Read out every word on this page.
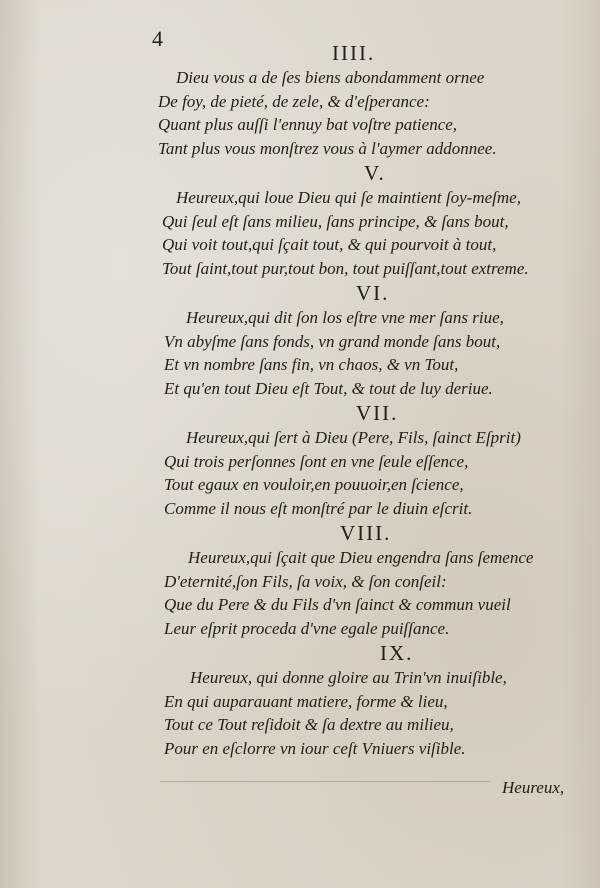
4
IIII.
Dieu vous a de ſes biens abondamment ornee
De foy, de pieté, de zele, & d'eſperance:
Quant plus auſſi l'ennuy bat voſtre patience,
Tant plus vous monſtrez vous à l'aymer addonnee.
V.
Heureux,qui loue Dieu qui ſe maintient ſoy-meſme,
Qui ſeul eſt ſans milieu, ſans principe, & ſans bout,
Qui voit tout,qui ſçait tout, & qui pourvoit à tout,
Tout ſaint,tout pur,tout bon, tout puiſſant,tout extreme.
VI.
Heureux,qui dit ſon los eſtre vne mer ſans riue,
Vn abyſme ſans fonds, vn grand monde ſans bout,
Et vn nombre ſans fin, vn chaos, & vn Tout,
Et qu'en tout Dieu eſt Tout, & tout de luy deriue.
VII.
Heureux,qui ſert à Dieu (Pere, Fils, ſainct Eſprit)
Qui trois perſonnes ſont en vne ſeule eſſence,
Tout egaux en vouloir,en pouuoir,en ſcience,
Comme il nous eſt monſtré par le diuin eſcrit.
VIII.
Heureux,qui ſçait que Dieu engendra ſans ſemence
D'eternité,ſon Fils, ſa voix, & ſon conſeil:
Que du Pere & du Fils d'vn ſainct & commun vueil
Leur eſprit proceda d'vne egale puiſſance.
IX.
Heureux, qui donne gloire au Trin'vn inuiſible,
En qui auparauant matiere, forme & lieu,
Tout ce Tout reſidoit & ſa dextre au milieu,
Pour en eſclorre vn iour ceſt Vniuers viſible.
Heureux,
